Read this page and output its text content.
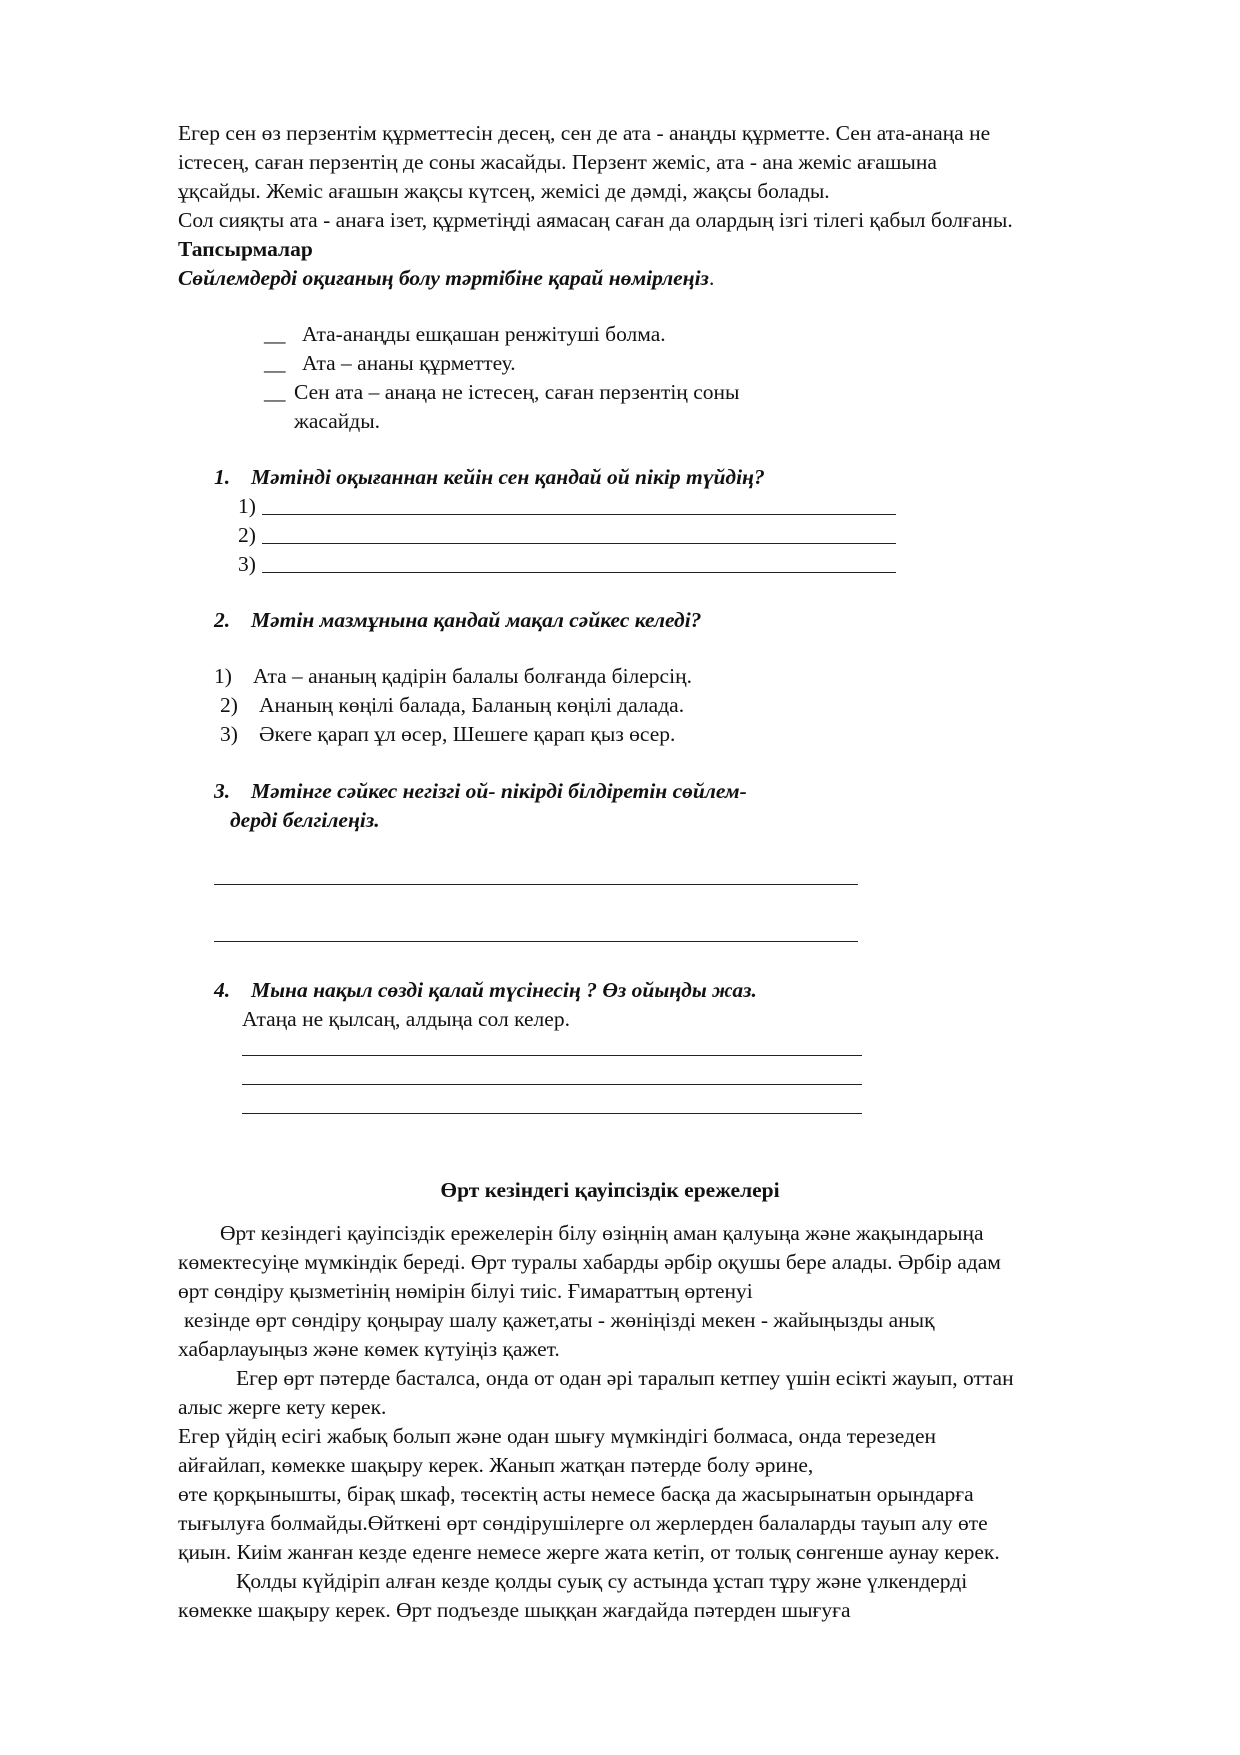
Егер сен өз перзентім құрметтесін десең, сен де ата - анаңды құрметте. Сен ата-анаңа не
істесең, саған перзентің де соны жасайды. Перзент жеміс, ата - ана жеміс ағашына
ұқсайды. Жеміс ағашын жақсы күтсең, жемісі де дәмді, жақсы болады.
Сол сияқты ата - анаға ізет, құрметіңді аямасаң саған да олардың ізгі тілегі қабыл болғаны.
Тапсырмалар
Сөйлемдерді оқиғаның болу тәртібіне қарай нөмірлеңіз.
__ Ата-анаңды ешқашан ренжітуші болма.
__ Ата – ананы құрметтеу.
__ Сен ата – анаңа не істесең, саған перзентің соны
жасайды.
1. Мәтінді оқығаннан кейін сен қандай ой пікір түйдің?
1)
2)
3)
2. Мәтін мазмұнына қандай мақал сәйкес келеді?
1) Ата – ананың қадірін балалы болғанда білерсің.
2) Ананың көңілі балада, Баланың көңілі далада.
3) Әкеге қарап ұл өсер, Шешеге қарап қыз өсер.
3. Мәтінге сәйкес негізгі ой- пікірді білдіретін сөйлем-
дерді белгілеңіз.
4. Мына нақыл сөзді қалай түсінесің ? Өз ойыңды жаз.
Атаңа не қылсаң, алдыңа сол келер.
Өрт кезіндегі қауіпсіздік ережелері
Өрт кезіндегі қауіпсіздік ережелерін білу өзіңнің аман қалуыңа және жақындарыңа
көмектесуіңе мүмкіндік береді. Өрт туралы хабарды әрбір оқушы бере алады. Әрбір адам
өрт сөндіру қызметінің нөмірін білуі тиіс. Ғимараттың өртенуі
кезінде өрт сөндіру қоңырау шалу қажет,аты - жөніңізді мекен - жайыңызды анық
хабарлауыңыз және көмек күтуіңіз қажет.
Егер өрт пәтерде басталса, онда от одан әрі таралып кетпеу үшін есікті жауып, оттан
алыс жерге кету керек.
Егер үйдің есігі жабық болып және одан шығу мүмкіндігі болмаса, онда терезеден
айғайлап, көмекке шақыру керек. Жанып жатқан пәтерде болу әрине,
өте қорқынышты, бірақ шкаф, төсектің асты немесе басқа да жасырынатын орындарға
тығылуға болмайды.Өйткені өрт сөндірушілерге ол жерлерден балаларды тауып алу өте
қиын. Киім жанған кезде еденге немесе жерге жата кетіп, от толық сөнгенше аунау керек.
Қолды күйдіріп алған кезде қолды суық су астында ұстап тұру және үлкендерді
көмекке шақыру керек. Өрт подъезде шыққан жағдайда пәтерден шығуға
